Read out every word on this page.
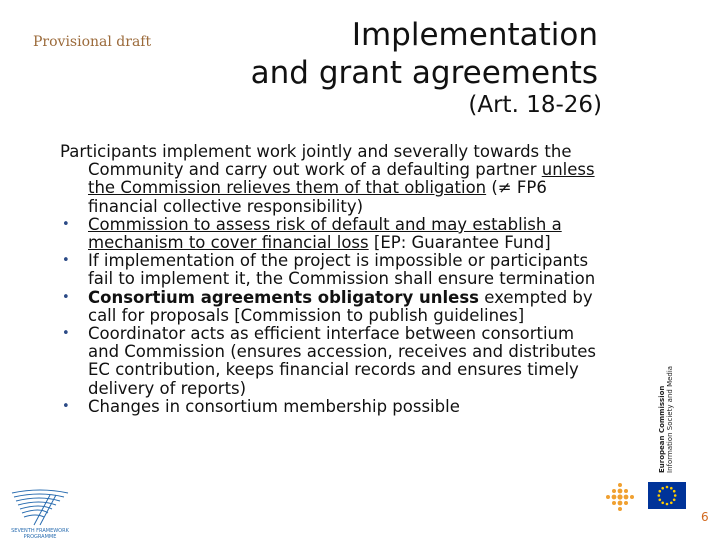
Provisional draft	Implementation
and grant agreements
(Art. 18-26)

Participants implement work jointly and severally towards the Community and carry out work of a defaulting partner unless the Commission relieves them of that obligation (≠ FP6 financial collective responsibility)

• Commission to assess risk of default and may establish a mechanism to cover financial loss [EP: Guarantee Fund]
• If implementation of the project is impossible or participants fail to implement it, the Commission shall ensure termination
• Consortium agreements obligatory unless exempted by call for proposals [Commission to publish guidelines]
• Coordinator acts as efficient interface between consortium and Commission (ensures accession, receives and distributes EC contribution, keeps financial records and ensures timely delivery of reports)
• Changes in consortium membership possible
SEVENTH FRAMEWORK
PROGRAMME
European Commission Information Society and Media
6
